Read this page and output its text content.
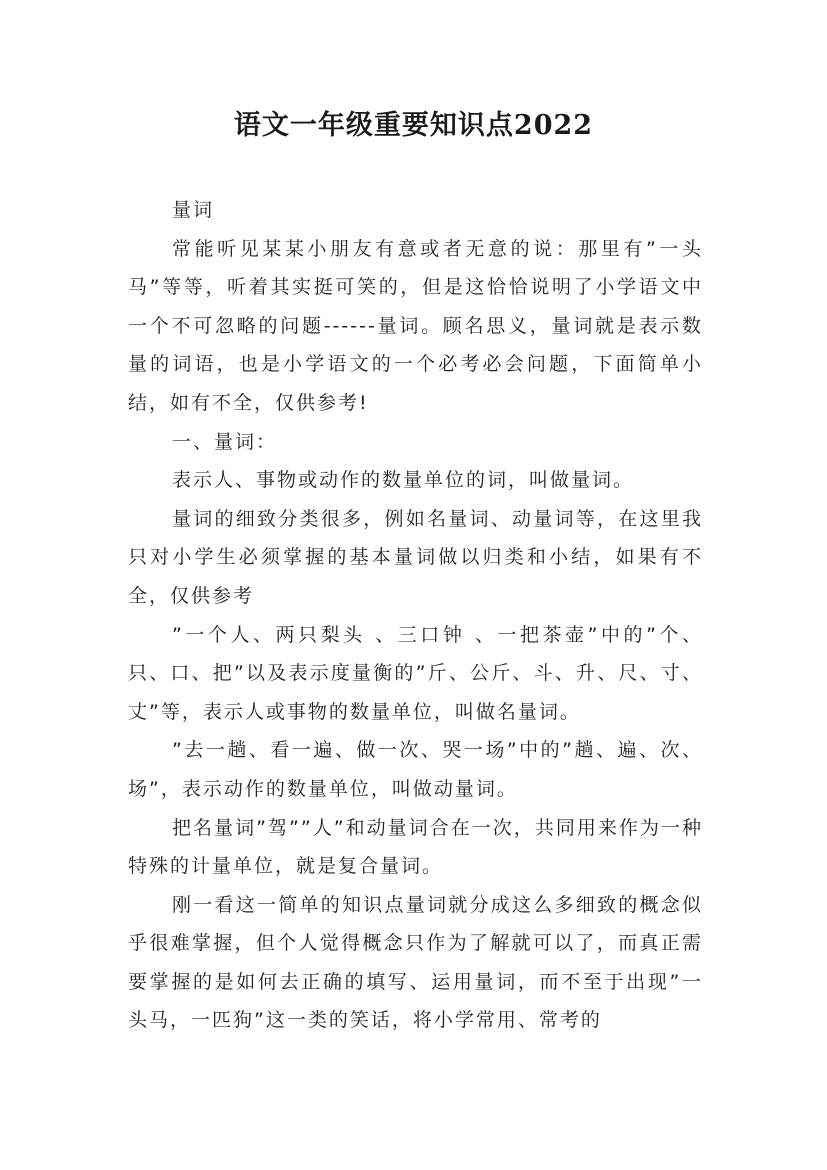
语文一年级重要知识点2022

量词

常能听见某某小朋友有意或者无意的说：那里有”一头马”等等，听着其实挺可笑的，但是这恰恰说明了小学语文中一个不可忽略的问题------量词。顾名思义，量词就是表示数量的词语，也是小学语文的一个必考必会问题，下面简单小结，如有不全，仅供参考!

一、量词：

表示人、事物或动作的数量单位的词，叫做量词。

量词的细致分类很多，例如名量词、动量词等，在这里我只对小学生必须掌握的基本量词做以归类和小结，如果有不全，仅供参考

”一个人、两只梨头 、三口钟 、一把茶壶”中的”个、只、口、把”以及表示度量衡的”斤、公斤、斗、升、尺、寸、丈”等，表示人或事物的数量单位，叫做名量词。

”去一趟、看一遍、做一次、哭一场”中的”趟、遍、次、场”，表示动作的数量单位，叫做动量词。

把名量词”驾””人”和动量词合在一次，共同用来作为一种特殊的计量单位，就是复合量词。

刚一看这一简单的知识点量词就分成这么多细致的概念似乎很难掌握，但个人觉得概念只作为了解就可以了，而真正需要掌握的是如何去正确的填写、运用量词，而不至于出现”一头马，一匹狗”这一类的笑话，将小学常用、常考的
